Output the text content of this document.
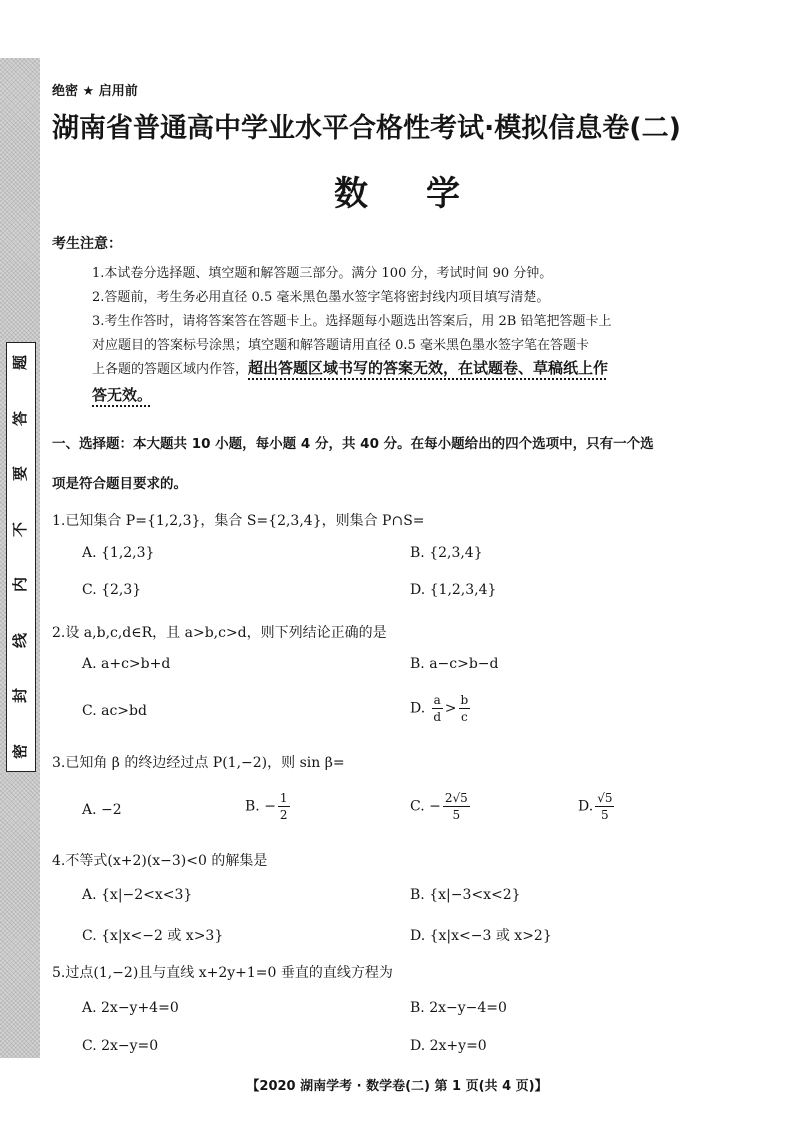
密
封
线
内
不
要
答
题
绝密 ★ 启用前
湖南省普通高中学业水平合格性考试·模拟信息卷(二)
数学
考生注意：
1.本试卷分选择题、填空题和解答题三部分。满分 100 分，考试时间 90 分钟。
2.答题前，考生务必用直径 0.5 毫米黑色墨水签字笔将密封线内项目填写清楚。
3.考生作答时，请将答案答在答题卡上。选择题每小题选出答案后，用 2B 铅笔把答题卡上
对应题目的答案标号涂黑；填空题和解答题请用直径 0.5 毫米黑色墨水签字笔在答题卡
上各题的答题区域内作答，超出答题区域书写的答案无效，在试题卷、草稿纸上作
答无效。
一、选择题：本大题共 10 小题，每小题 4 分，共 40 分。在每小题给出的四个选项中，只有一个选
项是符合题目要求的。
1.已知集合 P={1,2,3}，集合 S={2,3,4}，则集合 P∩S=
A. {1,2,3}	B. {2,3,4}
C. {2,3}	D. {1,2,3,4}
2.设 a,b,c,d∈R，且 a>b,c>d，则下列结论正确的是
A. a+c>b+d	B. a−c>b−d
C. ac>bd	D. $\frac{a}{d} > \frac{b}{c}$
3.已知角 β 的终边经过点 P(1,−2)，则 sin β=
A. −2	B. − $\frac{1}{2}$	C. − $\frac{2√5}{5}$	D. $\frac{√5}{5}$
4.不等式(x+2)(x−3)<0 的解集是
A. {x|−2<x<3}	B. {x|−3<x<2}
C. {x|x<−2 或 x>3}	D. {x|x<−3 或 x>2}
5.过点(1,−2)且与直线 x+2y+1=0 垂直的直线方程为
A. 2x−y+4=0	B. 2x−y−4=0
C. 2x−y=0	D. 2x+y=0
【2020 湖南学考 · 数学卷(二) 第 1 页(共 4 页)】
